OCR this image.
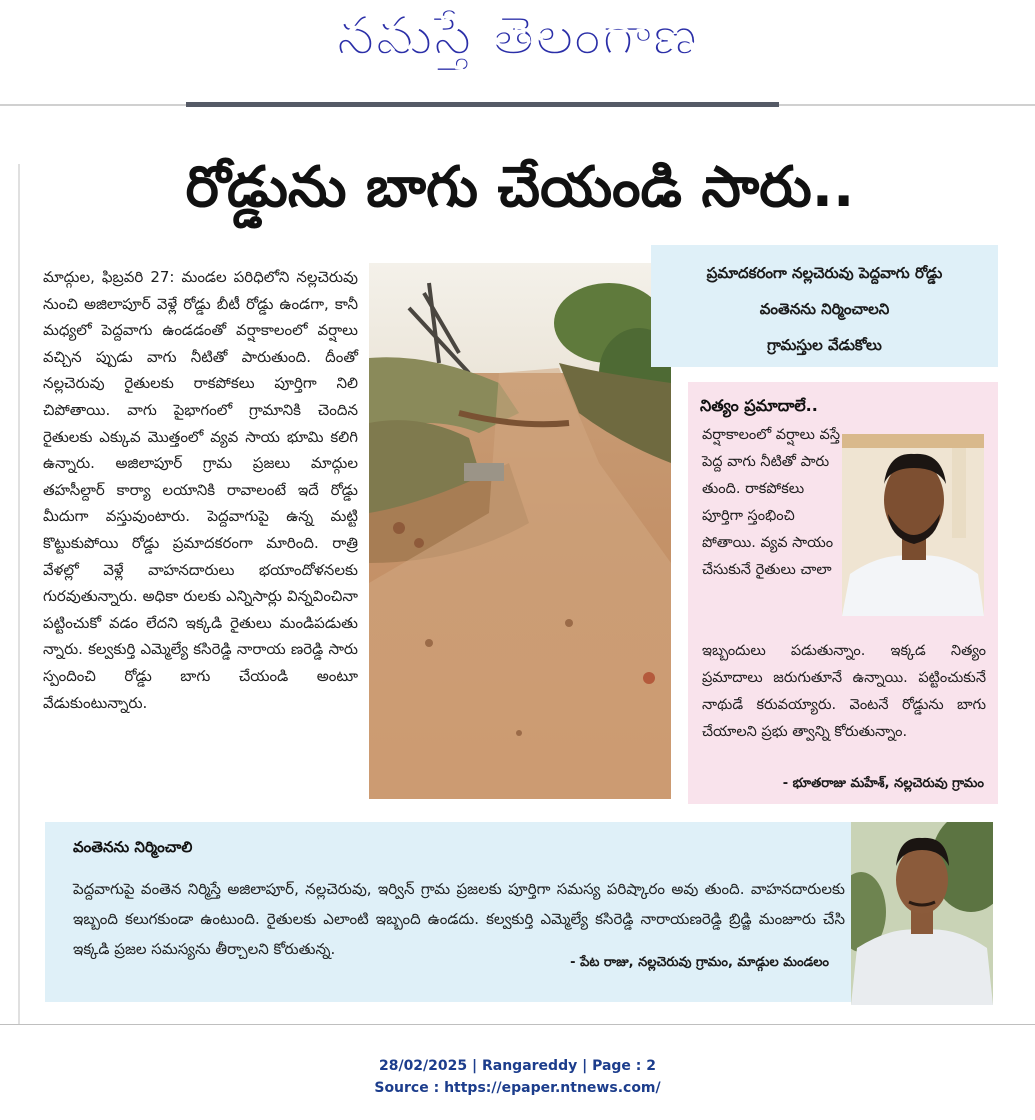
నమస్తే తెలంగాణ
రోడ్డును బాగు చేయండి సారు..
మాద్గుల, ఫిబ్రవరి 27: మండల పరిధిలోని నల్లచెరువు నుంచి అజిలాపూర్ వెళ్లే రోడ్డు బీటీ రోడ్డు ఉండగా, కానీ మధ్యలో పెద్దవాగు ఉండడంతో వర్షాకాలంలో వర్షాలు వచ్చిన ప్పుడు వాగు నీటితో పారుతుంది. దీంతో నల్లచెరువు రైతులకు రాకపోకలు పూర్తిగా నిలి చిపోతాయి. వాగు పైభాగంలో గ్రామానికి చెందిన రైతులకు ఎక్కువ మొత్తంలో వ్యవ సాయ భూమి కలిగి ఉన్నారు. అజిలాపూర్ గ్రామ ప్రజలు మాద్గుల తహసీల్దార్ కార్యా లయానికి రావాలంటే ఇదే రోడ్డు మీదుగా వస్తువుంటారు. పెద్దవాగుపై ఉన్న మట్టి కొట్టుకుపోయి రోడ్డు ప్రమాదకరంగా మారింది. రాత్రి వేళల్లో వెళ్లే వాహనదారులు భయాందోళనలకు గురవుతున్నారు. అధికా రులకు ఎన్నిసార్లు విన్నవించినా పట్టించుకో వడం లేదని ఇక్కడి రైతులు మండిపడుతు న్నారు. కల్వకుర్తి ఎమ్మెల్యే కసిరెడ్డి నారాయ ణరెడ్డి సారు స్పందించి రోడ్డు బాగు చేయండి అంటూ వేడుకుంటున్నారు.
ప్రమాదకరంగా నల్లచెరువు పెద్దవాగు రోడ్డు
వంతెనను నిర్మించాలని
గ్రామస్తుల వేడుకోలు
నిత్యం ప్రమాదాలే..
వర్షాకాలంలో వర్షాలు వస్తే పెద్ద వాగు నీటితో పారు తుంది. రాకపోకలు పూర్తిగా స్తంభించి పోతాయి. వ్యవ సాయం చేసుకునే రైతులు చాలా
ఇబ్బందులు పడుతున్నాం. ఇక్కడ నిత్యం ప్రమాదాలు జరుగుతూనే ఉన్నాయి. పట్టించుకునే నాథుడే కరువయ్యారు. వెంటనే రోడ్డును బాగు చేయాలని ప్రభు త్వాన్ని కోరుతున్నాం.
- భూతరాజు మహేశ్, నల్లచెరువు గ్రామం
వంతెనను నిర్మించాలి
పెద్దవాగుపై వంతెన నిర్మిస్తే అజిలాపూర్, నల్లచెరువు, ఇర్విన్ గ్రామ ప్రజలకు పూర్తిగా సమస్య పరిష్కారం అవు తుంది. వాహనదారులకు ఇబ్బంది కలుగకుండా ఉంటుంది. రైతులకు ఎలాంటి ఇబ్బంది ఉండదు. కల్వకుర్తి ఎమ్మెల్యే కసిరెడ్డి నారాయణరెడ్డి బ్రిడ్జి మంజూరు చేసి ఇక్కడి ప్రజల సమస్యను తీర్చాలని కోరుతున్న.
- పేట రాజు, నల్లచెరువు గ్రామం, మాడ్గుల మండలం
28/02/2025 | Rangareddy | Page : 2
Source : https://epaper.ntnews.com/
